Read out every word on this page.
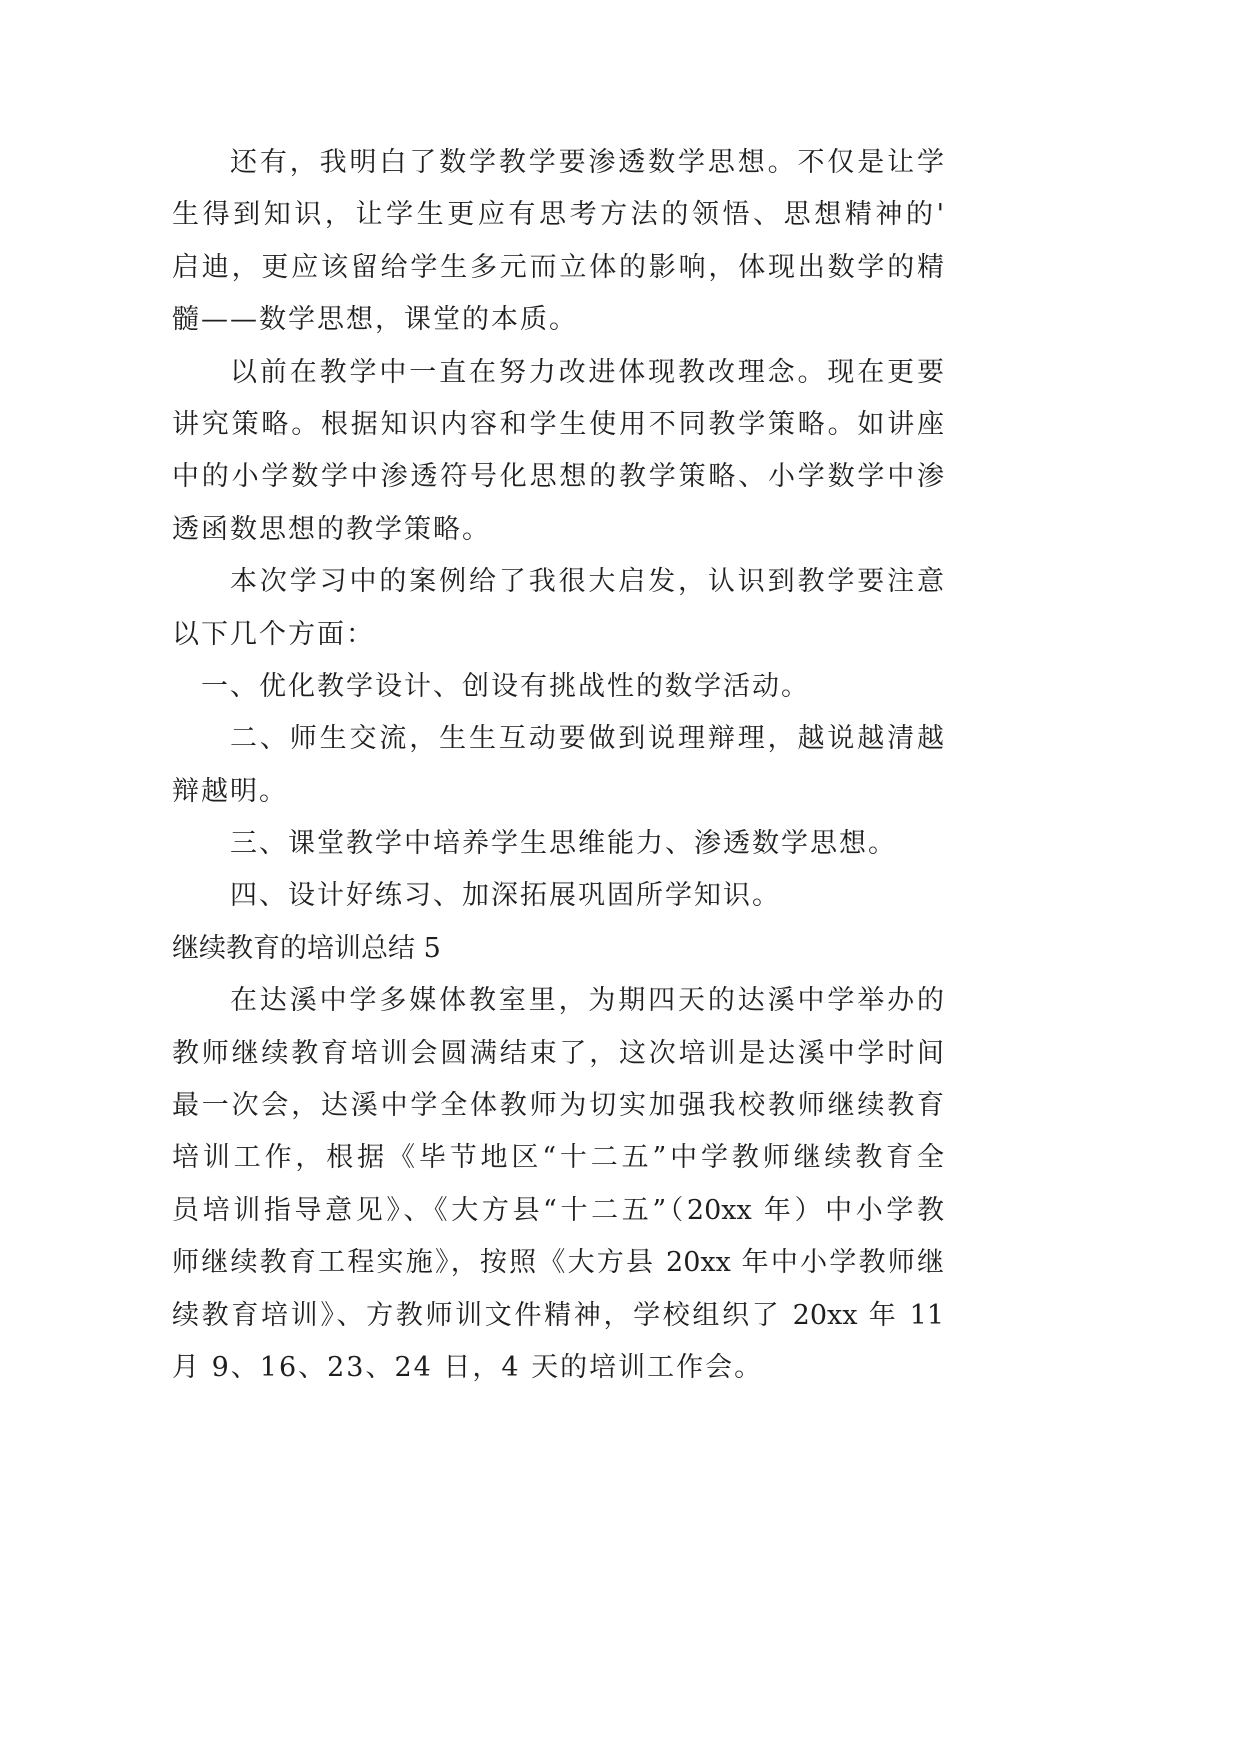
还有，我明白了数学教学要渗透数学思想。不仅是让学
生得到知识，让学生更应有思考方法的领悟、思想精神的'
启迪，更应该留给学生多元而立体的影响，体现出数学的精
髓——数学思想，课堂的本质。
以前在教学中一直在努力改进体现教改理念。现在更要
讲究策略。根据知识内容和学生使用不同教学策略。如讲座
中的小学数学中渗透符号化思想的教学策略、小学数学中渗
透函数思想的教学策略。
本次学习中的案例给了我很大启发，认识到教学要注意
以下几个方面：
一、优化教学设计、创设有挑战性的数学活动。
二、师生交流，生生互动要做到说理辩理，越说越清越
辩越明。
三、课堂教学中培养学生思维能力、渗透数学思想。
四、设计好练习、加深拓展巩固所学知识。
继续教育的培训总结 5
在达溪中学多媒体教室里，为期四天的达溪中学举办的
教师继续教育培训会圆满结束了，这次培训是达溪中学时间
最一次会，达溪中学全体教师为切实加强我校教师继续教育
培训工作，根据《毕节地区“十二五”中学教师继续教育全
员培训指导意见》、《大方县“十二五”（20xx 年）中小学教
师继续教育工程实施》，按照《大方县 20xx 年中小学教师继
续教育培训》、方教师训文件精神，学校组织了 20xx 年 11
月 9、16、23、24 日，4 天的培训工作会。
